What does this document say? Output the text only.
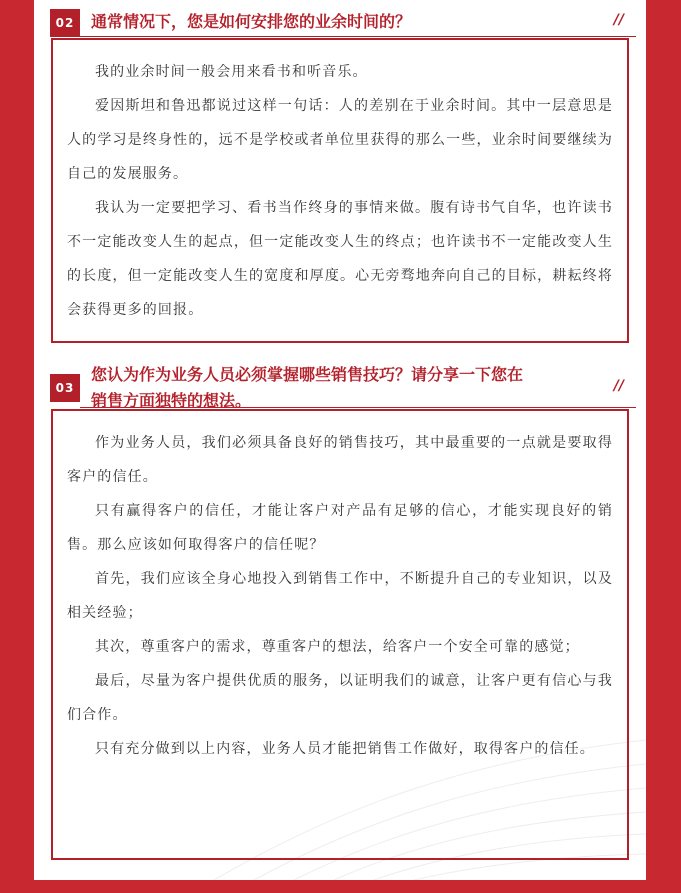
02	通常情况下，您是如何安排您的业余时间的？	//

我的业余时间一般会用来看书和听音乐。

爱因斯坦和鲁迅都说过这样一句话：人的差别在于业余时间。其中一层意思是人的学习是终身性的，远不是学校或者单位里获得的那么一些，业余时间要继续为自己的发展服务。

我认为一定要把学习、看书当作终身的事情来做。腹有诗书气自华，也许读书不一定能改变人生的起点，但一定能改变人生的终点；也许读书不一定能改变人生的长度，但一定能改变人生的宽度和厚度。心无旁骛地奔向自己的目标，耕耘终将会获得更多的回报。

03
您认为作为业务人员必须掌握哪些销售技巧？请分享一下您在
销售方面独特的想法。
//

作为业务人员，我们必须具备良好的销售技巧，其中最重要的一点就是要取得客户的信任。

只有赢得客户的信任，才能让客户对产品有足够的信心，才能实现良好的销售。那么应该如何取得客户的信任呢？

首先，我们应该全身心地投入到销售工作中，不断提升自己的专业知识，以及相关经验；

其次，尊重客户的需求，尊重客户的想法，给客户一个安全可靠的感觉；

最后，尽量为客户提供优质的服务，以证明我们的诚意，让客户更有信心与我们合作。

只有充分做到以上内容，业务人员才能把销售工作做好，取得客户的信任。
